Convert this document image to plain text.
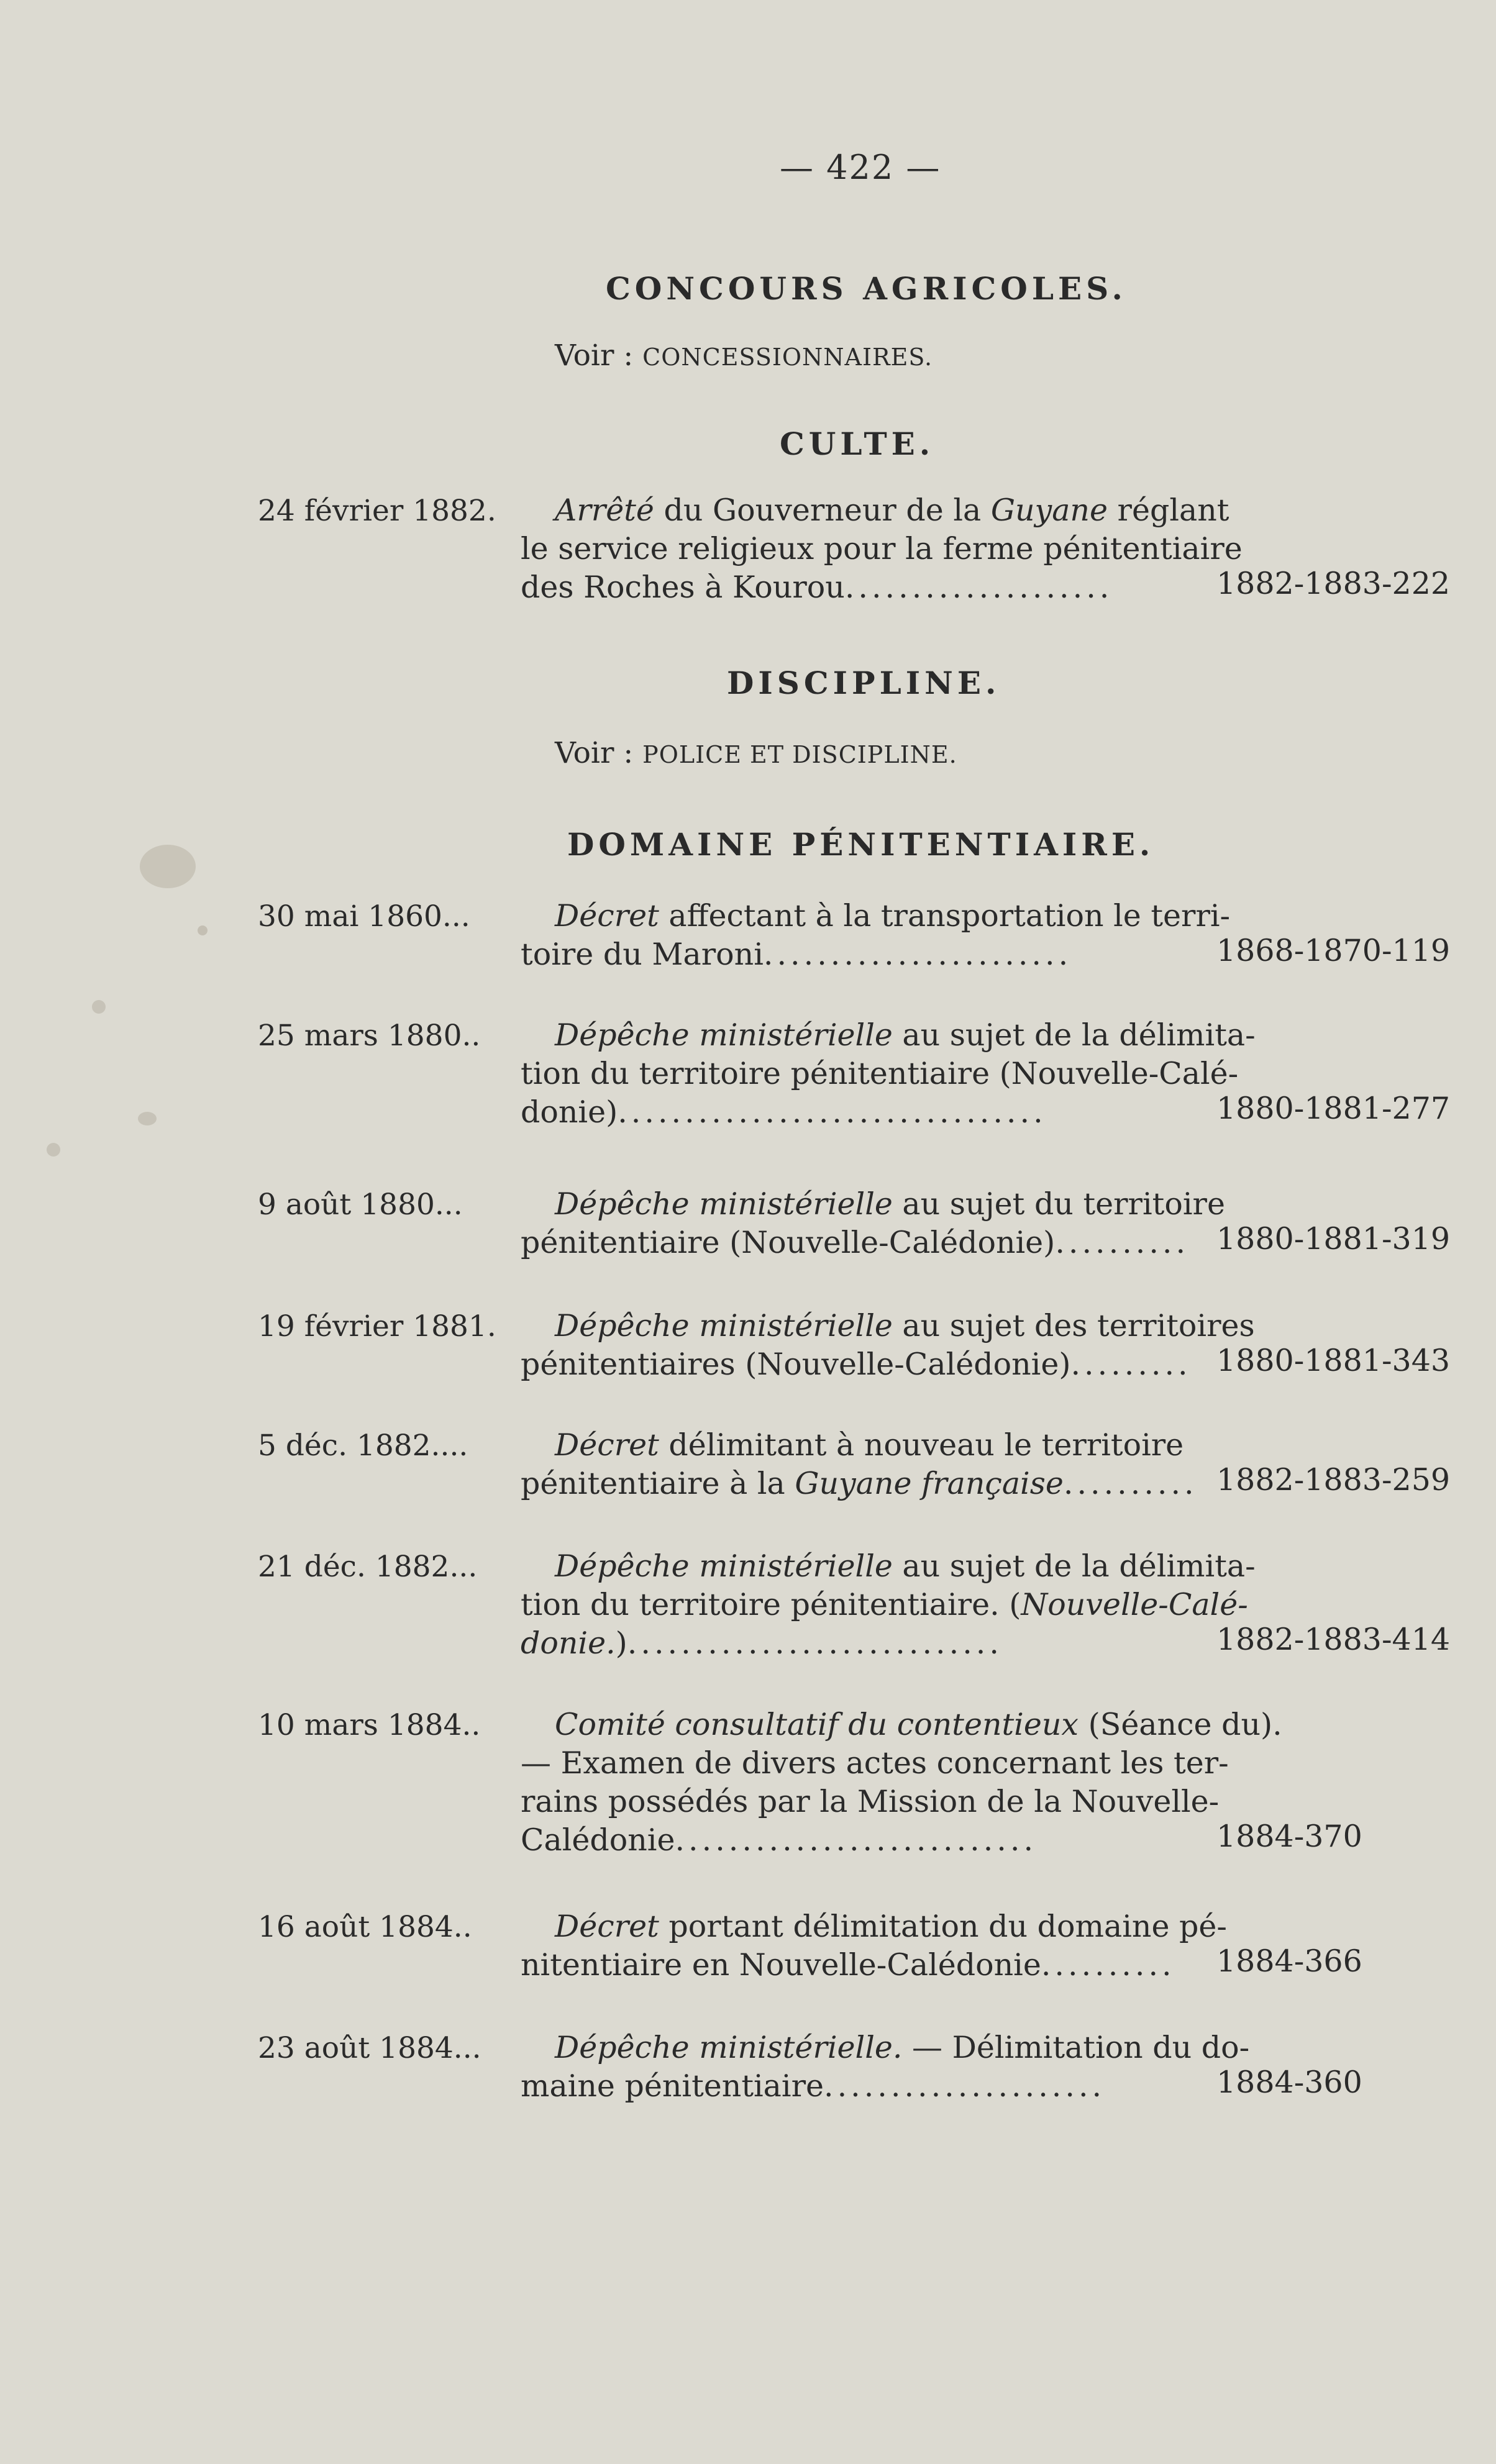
— 422 —
CONCOURS AGRICOLES.
Voir : CONCESSIONNAIRES.
CULTE.
24 février 1882. Arrêté du Gouverneur de la Guyane réglant
le service religieux pour la ferme pénitentiaire
des Roches à Kourou....................	1882-1883-222
DISCIPLINE.
Voir : POLICE ET DISCIPLINE.
DOMAINE PÉNITENTIAIRE.
30 mai 1860...	Décret affectant à la transportation le terri-
toire du Maroni.......................	1868-1870-119
25 mars 1880.. Dépêche ministérielle au sujet de la délimita-
tion du territoire pénitentiaire (Nouvelle-Calé-
donie)................................	1880-1881-277
9 août 1880...	Dépêche ministérielle au sujet du territoire
pénitentiaire (Nouvelle-Calédonie).......... 1880-1881-319
19 février 1881. Dépêche ministérielle au sujet des territoires
pénitentiaires (Nouvelle-Calédonie)......... 1880-1881-343
5 déc. 1882....	Décret délimitant à nouveau le territoire
pénitentiaire à la Guyane française.......... 1882-1883-259
21 déc. 1882...	Dépêche ministérielle au sujet de la délimita-
tion du territoire pénitentiaire. (Nouvelle-Calé-
donie.)............................	1882-1883-414
10 mars 1884.. Comité consultatif du contentieux (Séance du).
— Examen de divers actes concernant les ter-
rains possédés par la Mission de la Nouvelle-
Calédonie...........................	1884-370
16 août 1884..	Décret portant délimitation du domaine pé-
nitentiaire en Nouvelle-Calédonie..........	1884-366
23 août 1884... Dépêche ministérielle. — Délimitation du do-
maine pénitentiaire.....................	1884-360
